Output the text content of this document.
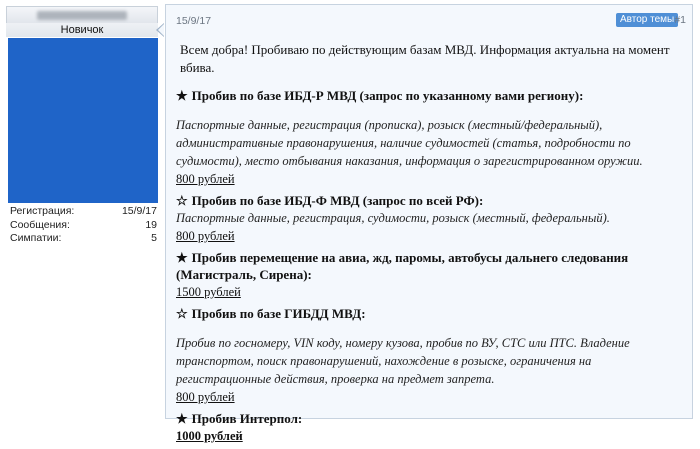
Новичок
Регистрация:	15/9/17
Сообщения:	19
Симпатии:	5
15/9/17	Автор темы #1

Всем добра! Пробиваю по действующим базам МВД. Информация актуальна на момент вбива.

★ Пробив по базе ИБД-Р МВД (запрос по указанному вами региону):

Паспортные данные, регистрация (прописка), розыск (местный/федеральный), административные правонарушения, наличие судимостей (статья, подробности по судимости), место отбывания наказания, информация о зарегистрированном оружии.

800 рублей

☆ Пробив по базе ИБД-Ф МВД (запрос по всей РФ):

Паспортные данные, регистрация, судимости, розыск (местный, федеральный).

800 рублей

★ Пробив перемещение на авиа, жд, паромы, автобусы дальнего следования (Магистраль, Сирена):

1500 рублей

☆ Пробив по базе ГИБДД МВД:

Пробив по госномеру, VIN коду, номеру кузова, пробив по ВУ, СТС или ПТС. Владение транспортом, поиск правонарушений, нахождение в розыске, ограничения на регистрационные действия, проверка на предмет запрета.

800 рублей

★ Пробив Интерпол:

1000 рублей
